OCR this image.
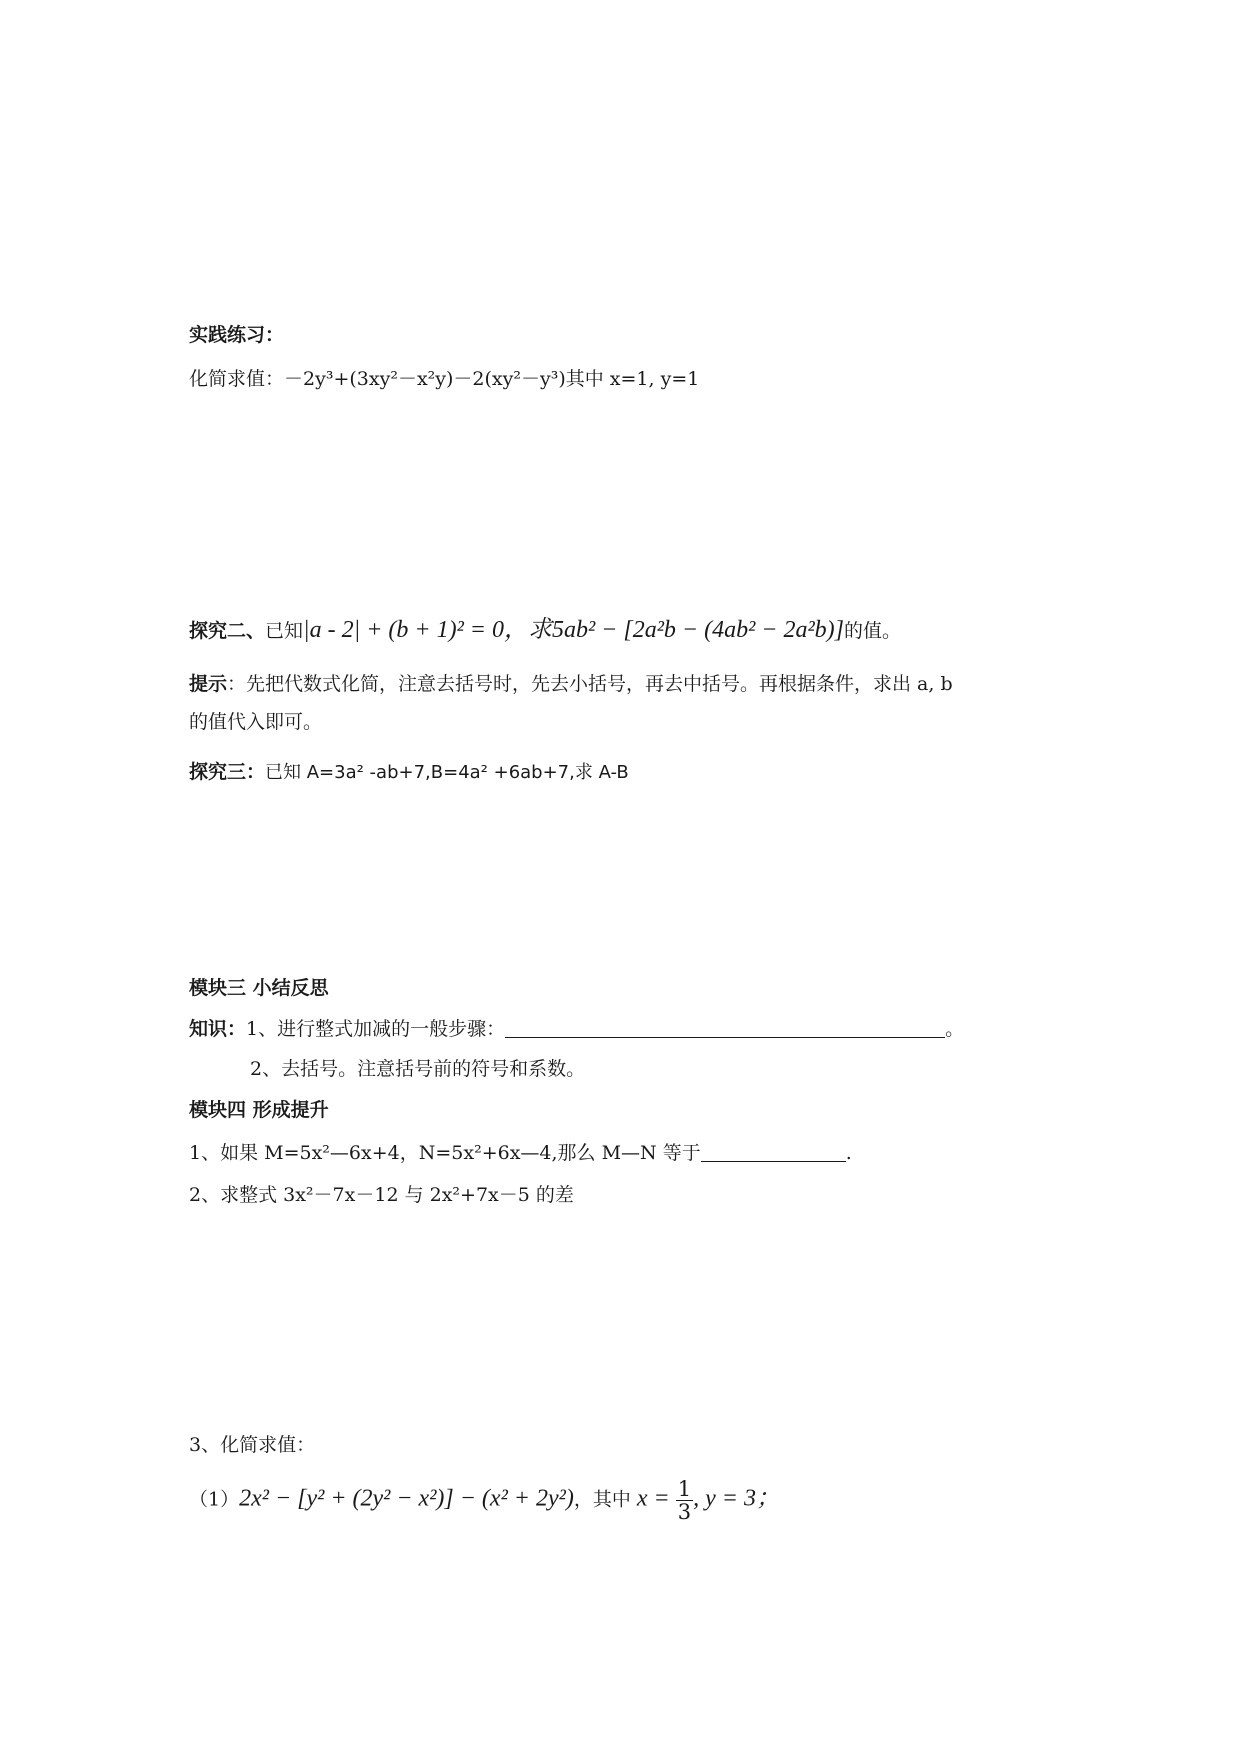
实践练习：
化简求值：－2y³+(3xy²－x²y)－2(xy²－y³)其中 x=1, y=1
探究二、已知|a - 2| + (b + 1)² = 0，求5ab² − [2a²b − (4ab² − 2a²b)]的值。
提示：先把代数式化简，注意去括号时，先去小括号，再去中括号。再根据条件，求出 a, b
的值代入即可。
探究三：已知 A=3a² -ab+7,B=4a² +6ab+7,求 A-B
模块三 小结反思
知识：1、进行整式加减的一般步骤：	。
2、去括号。注意括号前的符号和系数。
模块四 形成提升
1、如果 M=5x²—6x+4，N=5x²+6x—4,那么 M—N 等于	.
2、求整式 3x²－7x－12 与 2x²+7x－5 的差
3、化简求值：
（1）2x² − [y² + (2y² − x²)] − (x² + 2y²)，其中 $x = \frac{1}{3}$ , y = 3；
